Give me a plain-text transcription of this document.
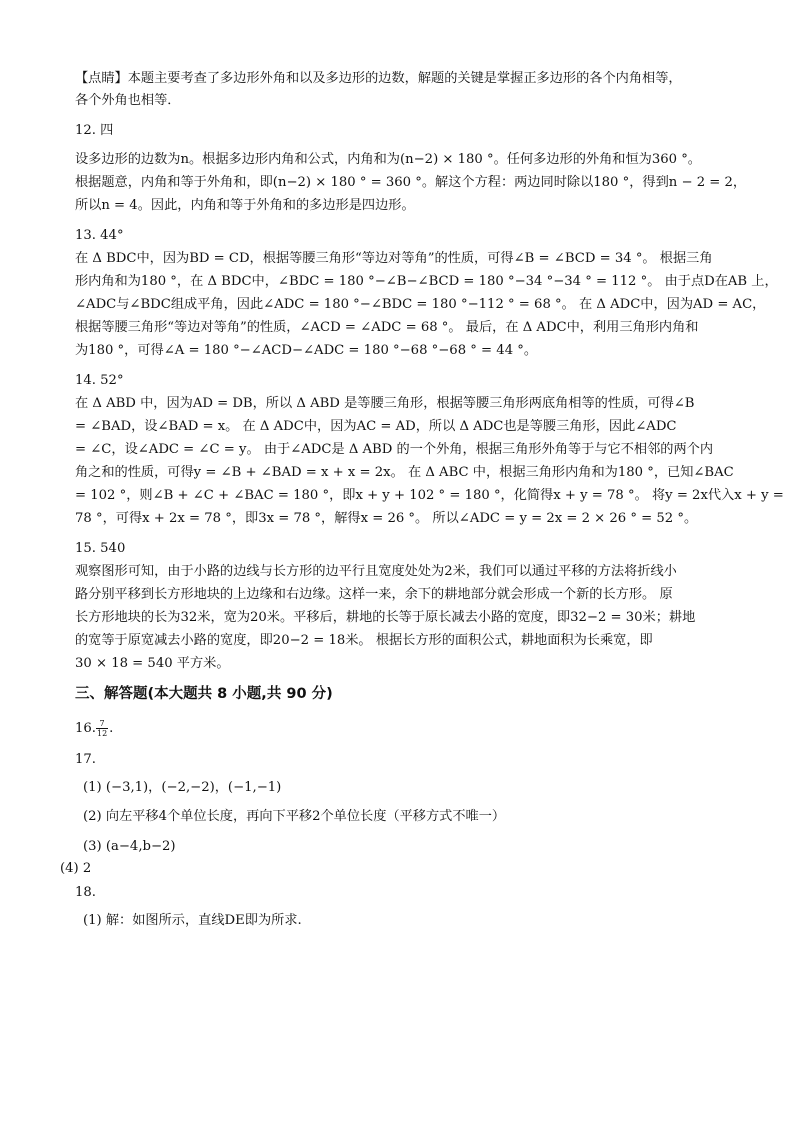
【点睛】本题主要考查了多边形外角和以及多边形的边数，解题的关键是掌握正多边形的各个内角相等，
各个外角也相等．
12. 四
设多边形的边数为n。根据多边形内角和公式，内角和为(n−2) × 180 °。任何多边形的外角和恒为360 °。
根据题意，内角和等于外角和，即(n−2) × 180 ° = 360 °。解这个方程：两边同时除以180 °，得到n − 2 = 2，
所以n = 4。因此，内角和等于外角和的多边形是四边形。
13. 44°
在 Δ BDC中，因为BD = CD，根据等腰三角形“等边对等角”的性质，可得∠B = ∠BCD = 34 °。 根据三角
形内角和为180 °，在 Δ BDC中，∠BDC = 180 °−∠B−∠BCD = 180 °−34 °−34 ° = 112 °。 由于点D在AB 上，
∠ADC与∠BDC组成平角，因此∠ADC = 180 °−∠BDC = 180 °−112 ° = 68 °。 在 Δ ADC中，因为AD = AC，
根据等腰三角形“等边对等角”的性质，∠ACD = ∠ADC = 68 °。 最后，在 Δ ADC中，利用三角形内角和
为180 °，可得∠A = 180 °−∠ACD−∠ADC = 180 °−68 °−68 ° = 44 °。
14. 52°
在 Δ ABD 中，因为AD = DB，所以 Δ ABD 是等腰三角形，根据等腰三角形两底角相等的性质，可得∠B
= ∠BAD，设∠BAD = x。 在 Δ ADC中，因为AC = AD，所以 Δ ADC也是等腰三角形，因此∠ADC
= ∠C，设∠ADC = ∠C = y。 由于∠ADC是 Δ ABD 的一个外角，根据三角形外角等于与它不相邻的两个内
角之和的性质，可得y = ∠B + ∠BAD = x + x = 2x。 在 Δ ABC 中，根据三角形内角和为180 °，已知∠BAC
= 102 °，则∠B + ∠C + ∠BAC = 180 °，即x + y + 102 ° = 180 °，化简得x + y = 78 °。 将y = 2x代入x + y =
78 °，可得x + 2x = 78 °，即3x = 78 °，解得x = 26 °。 所以∠ADC = y = 2x = 2 × 26 ° = 52 °。
15. 540
观察图形可知，由于小路的边线与长方形的边平行且宽度处处为2米，我们可以通过平移的方法将折线小
路分别平移到长方形地块的上边缘和右边缘。这样一来，余下的耕地部分就会形成一个新的长方形。 原
长方形地块的长为32米，宽为20米。平移后，耕地的长等于原长减去小路的宽度，即32−2 = 30米；耕地
的宽等于原宽减去小路的宽度，即20−2 = 18米。 根据长方形的面积公式，耕地面积为长乘宽，即
30 × 18 = 540 平方米。
三、解答题(本大题共 8 小题,共 90 分)
16. $\frac{7}{12}$ .
17.
(1) (−3,1)，(−2,−2)，(−1,−1)
(2) 向左平移4个单位长度，再向下平移2个单位长度（平移方式不唯一）
(3) (a−4,b−2)
(4) 2
18.
(1) 解：如图所示，直线DE即为所求.
